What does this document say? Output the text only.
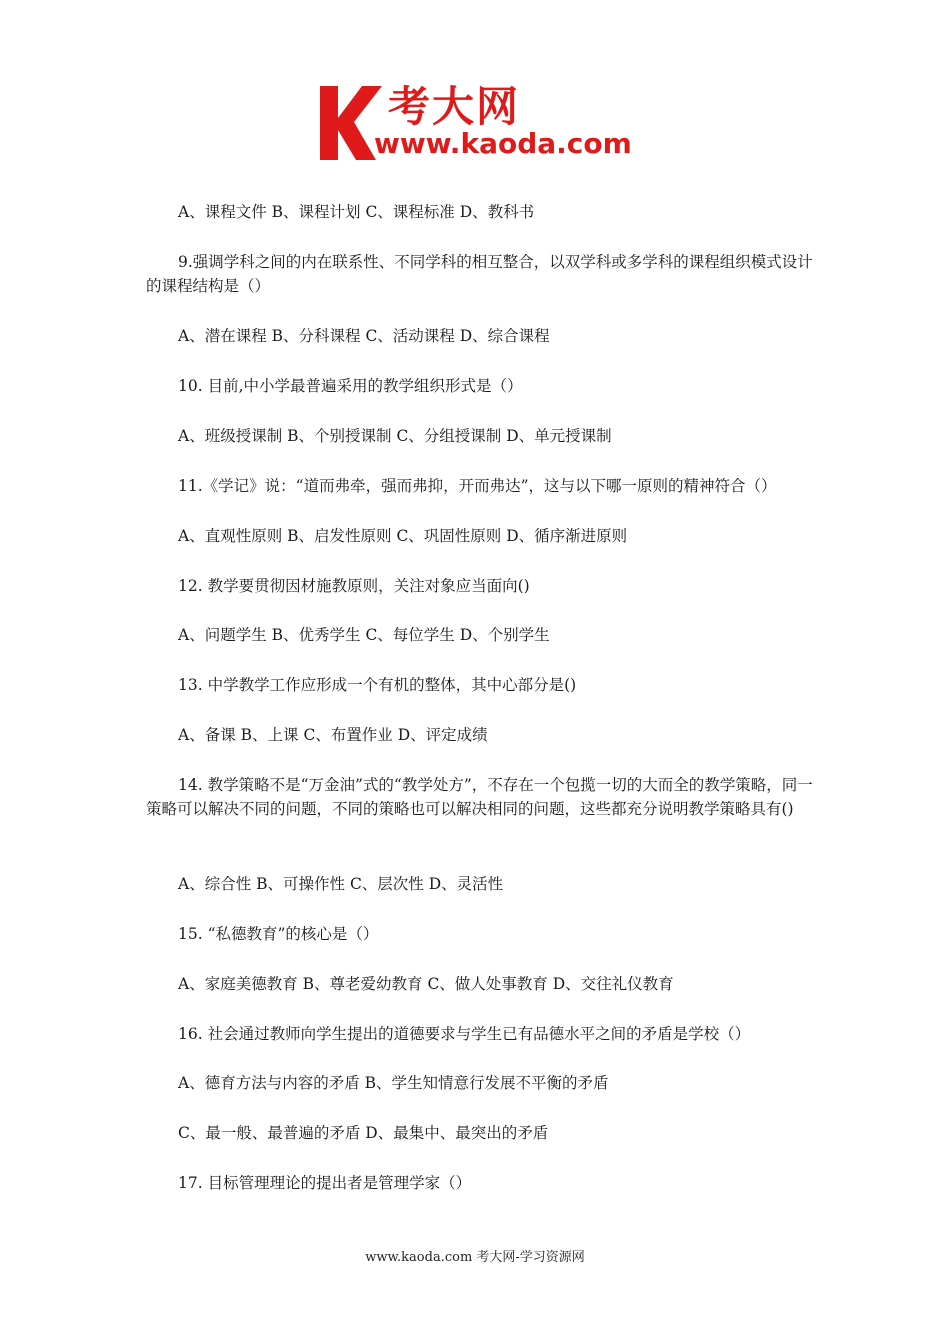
考大网
www.kaoda.com

A、课程文件 B、课程计划 C、课程标准 D、教科书

9.强调学科之间的内在联系性、不同学科的相互整合，以双学科或多学科的课程组织模式设计的课程结构是（）

A、潜在课程 B、分科课程 C、活动课程 D、综合课程

10. 目前,中小学最普遍采用的教学组织形式是（）

A、班级授课制 B、个别授课制 C、分组授课制 D、单元授课制

11.《学记》说：“道而弗牵，强而弗抑，开而弗达”，这与以下哪一原则的精神符合（）

A、直观性原则 B、启发性原则 C、巩固性原则 D、循序渐进原则

12. 教学要贯彻因材施教原则，关注对象应当面向()

A、问题学生 B、优秀学生 C、每位学生 D、个别学生

13. 中学教学工作应形成一个有机的整体，其中心部分是()

A、备课 B、上课 C、布置作业 D、评定成绩

14. 教学策略不是“万金油”式的“教学处方”，不存在一个包揽一切的大而全的教学策略，同一策略可以解决不同的问题，不同的策略也可以解决相同的问题，这些都充分说明教学策略具有()

A、综合性 B、可操作性 C、层次性 D、灵活性

15. “私德教育”的核心是（）

A、家庭美德教育 B、尊老爱幼教育 C、做人处事教育 D、交往礼仪教育

16. 社会通过教师向学生提出的道德要求与学生已有品德水平之间的矛盾是学校（）

A、德育方法与内容的矛盾 B、学生知情意行发展不平衡的矛盾

C、最一般、最普遍的矛盾 D、最集中、最突出的矛盾

17. 目标管理理论的提出者是管理学家（）

www.kaoda.com 考大网-学习资源网
